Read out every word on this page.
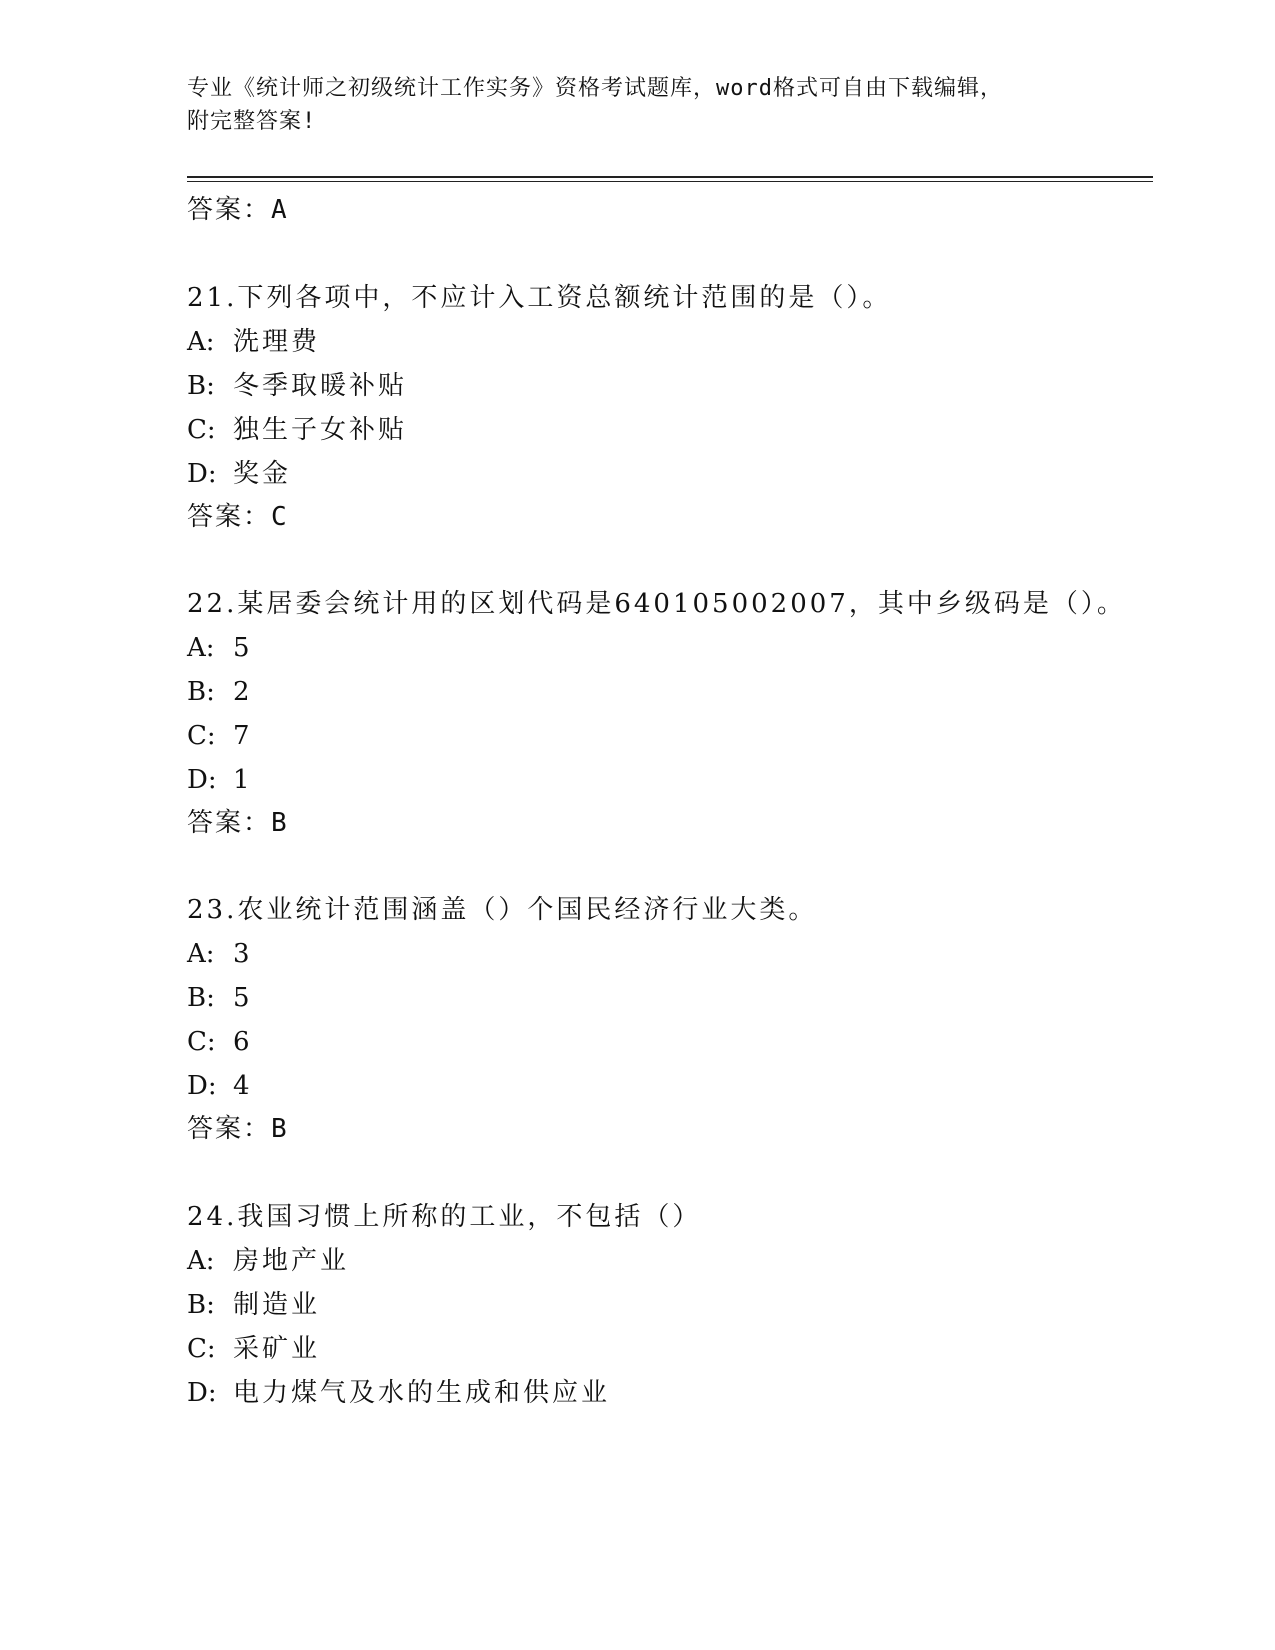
专业《统计师之初级统计工作实务》资格考试题库，word格式可自由下载编辑，
附完整答案!
答案：A
21.下列各项中，不应计入工资总额统计范围的是（）。
A: 洗理费
B: 冬季取暖补贴
C: 独生子女补贴
D: 奖金
答案：C
22.某居委会统计用的区划代码是640105002007，其中乡级码是（）。
A: 5
B: 2
C: 7
D: 1
答案：B
23.农业统计范围涵盖（）个国民经济行业大类。
A: 3
B: 5
C: 6
D: 4
答案：B
24.我国习惯上所称的工业，不包括（）
A: 房地产业
B: 制造业
C: 采矿业
D: 电力煤气及水的生成和供应业
